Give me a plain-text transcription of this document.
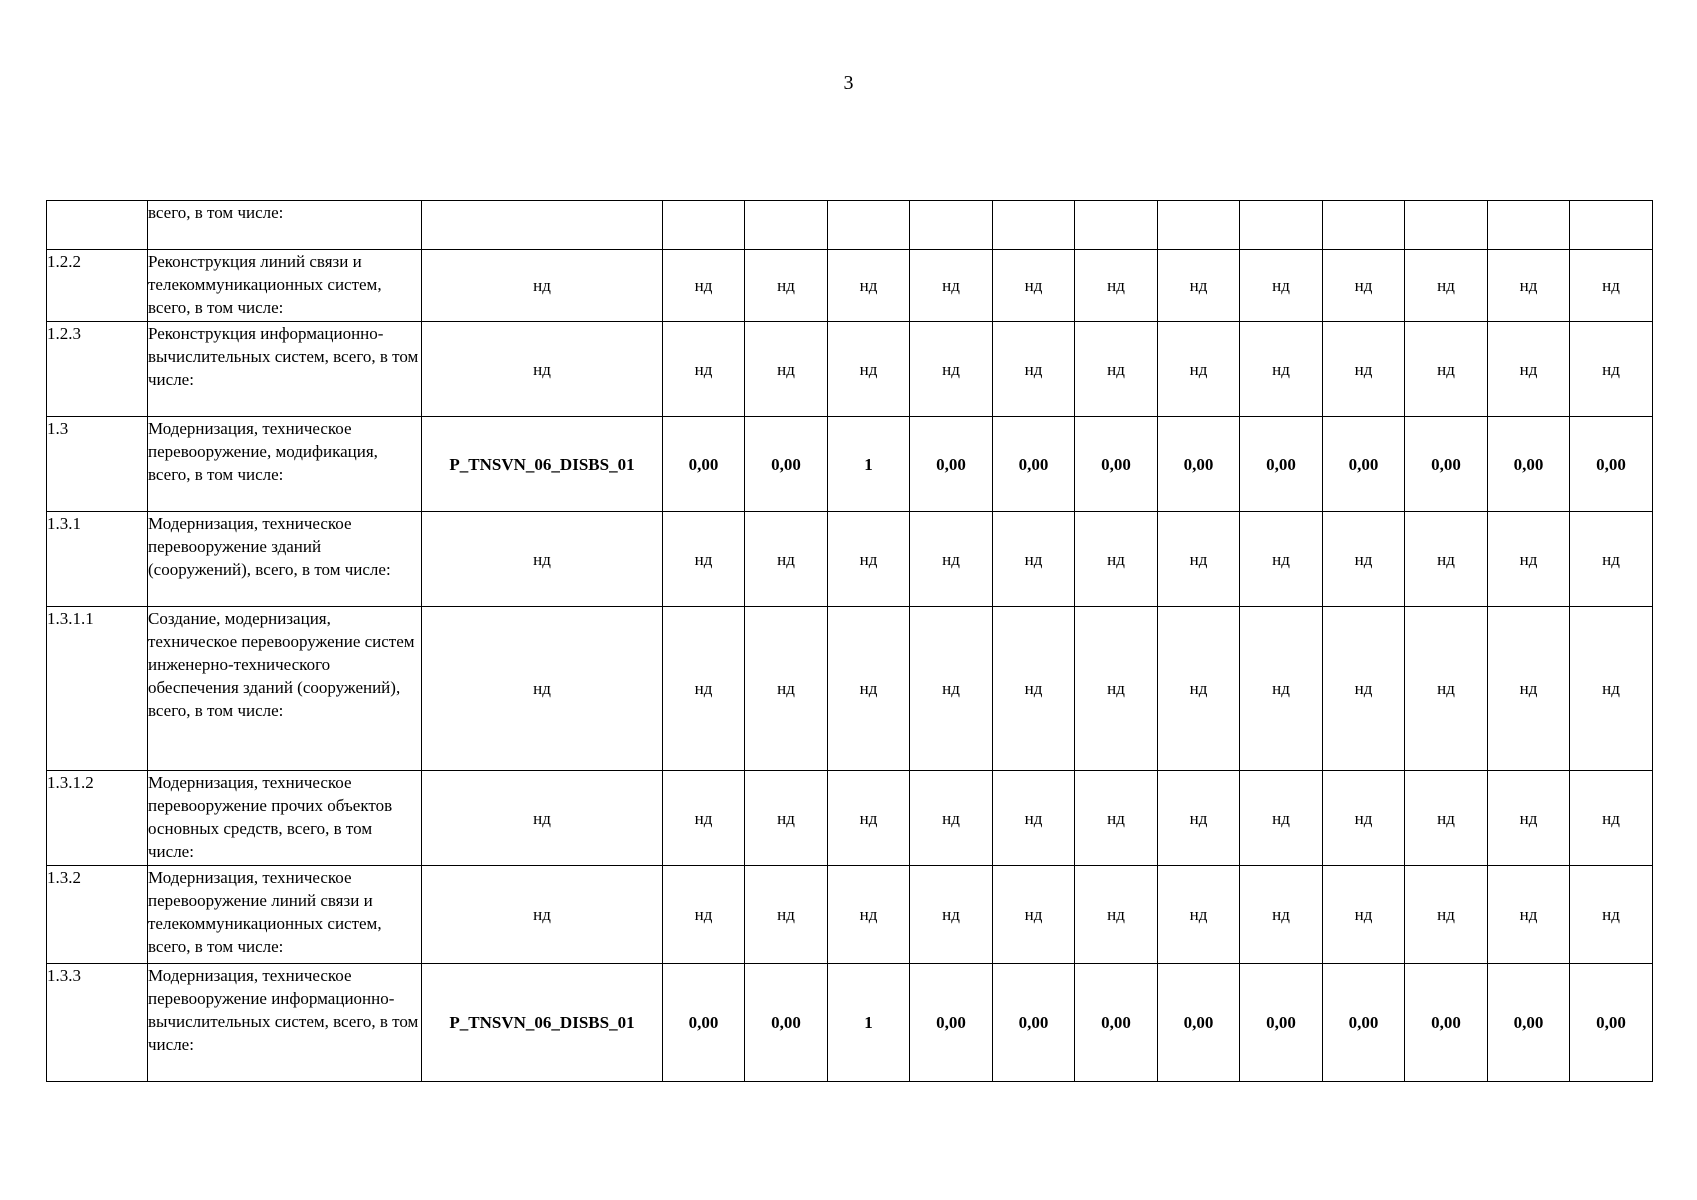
3
	всего, в том числе:													
1.2.2	Реконструкция линий связи и телекоммуникационных систем, всего, в том числе:	нд	нд	нд	нд	нд	нд	нд	нд	нд	нд	нд	нд	нд
1.2.3	Реконструкция информационно-вычислительных систем, всего, в том числе:	нд	нд	нд	нд	нд	нд	нд	нд	нд	нд	нд	нд	нд
1.3	Модернизация, техническое перевооружение, модификация, всего, в том числе:	P_TNSVN_06_DISBS_01	0,00	0,00	1	0,00	0,00	0,00	0,00	0,00	0,00	0,00	0,00	0,00
1.3.1	Модернизация, техническое перевооружение зданий (сооружений), всего, в том числе:	нд	нд	нд	нд	нд	нд	нд	нд	нд	нд	нд	нд	нд
1.3.1.1	Создание, модернизация, техническое перевооружение систем инженерно-технического обеспечения зданий (сооружений), всего, в том числе:	нд	нд	нд	нд	нд	нд	нд	нд	нд	нд	нд	нд	нд
1.3.1.2	Модернизация, техническое перевооружение прочих объектов основных средств, всего, в том числе:	нд	нд	нд	нд	нд	нд	нд	нд	нд	нд	нд	нд	нд
1.3.2	Модернизация, техническое перевооружение линий связи и телекоммуникационных систем, всего, в том числе:	нд	нд	нд	нд	нд	нд	нд	нд	нд	нд	нд	нд	нд
1.3.3	Модернизация, техническое перевооружение информационно-вычислительных систем, всего, в том числе:	P_TNSVN_06_DISBS_01	0,00	0,00	1	0,00	0,00	0,00	0,00	0,00	0,00	0,00	0,00	0,00
